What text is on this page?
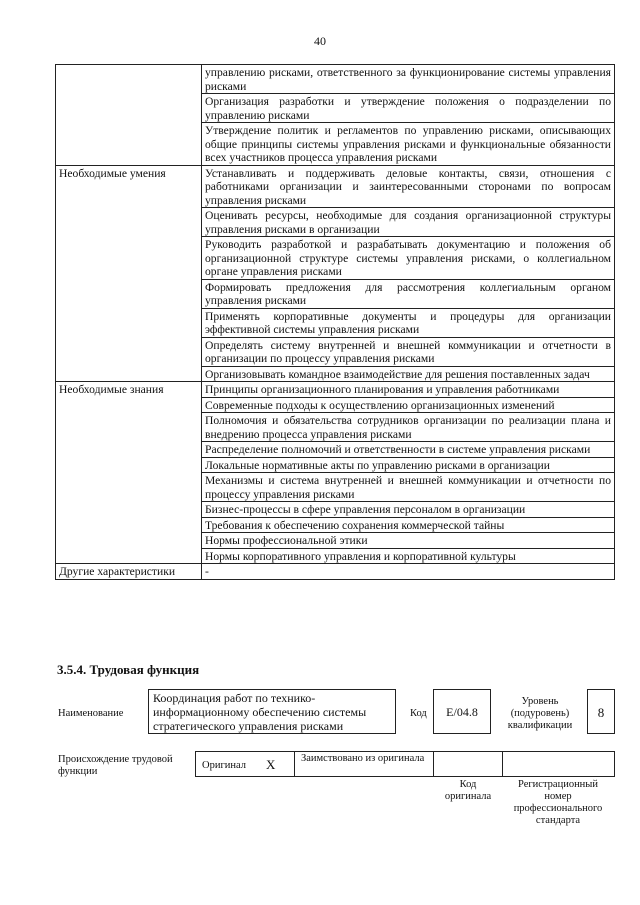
40
	управлению рисками, ответственного за функционирование системы управления рисками
	Организация разработки и утверждение положения о подразделении по управлению рисками
	Утверждение политик и регламентов по управлению рисками, описывающих общие принципы системы управления рисками и функциональные обязанности всех участников процесса управления рисками
Необходимые умения	Устанавливать и поддерживать деловые контакты, связи, отношения с работниками организации и заинтересованными сторонами по вопросам управления рисками
	Оценивать ресурсы, необходимые для создания организационной структуры управления рисками в организации
	Руководить разработкой и разрабатывать документацию и положения об организационной структуре системы управления рисками, о коллегиальном органе управления рисками
	Формировать предложения для рассмотрения коллегиальным органом управления рисками
	Применять корпоративные документы и процедуры для организации эффективной системы управления рисками
	Определять систему внутренней и внешней коммуникации и отчетности в организации по процессу управления рисками
	Организовывать командное взаимодействие для решения поставленных задач
Необходимые знания	Принципы организационного планирования и управления работниками
	Современные подходы к осуществлению организационных изменений
	Полномочия и обязательства сотрудников организации по реализации плана и внедрению процесса управления рисками
	Распределение полномочий и ответственности в системе управления рисками
	Локальные нормативные акты по управлению рисками в организации
	Механизмы и система внутренней и внешней коммуникации и отчетности по процессу управления рисками
	Бизнес-процессы в сфере управления персоналом в организации
	Требования к обеспечению сохранения коммерческой тайны
	Нормы профессиональной этики
	Нормы корпоративного управления и корпоративной культуры
Другие характеристики	-
3.5.4. Трудовая функция
Наименование
Координация работ по технико-информационному обеспечению системы стратегического управления рисками
Код	E/04.8
Уровень (подуровень) квалификации
8
Происхождение трудовой функции
Оригинал X Заимствовано из оригинала
Код оригинала
Регистрационный номер профессионального стандарта
